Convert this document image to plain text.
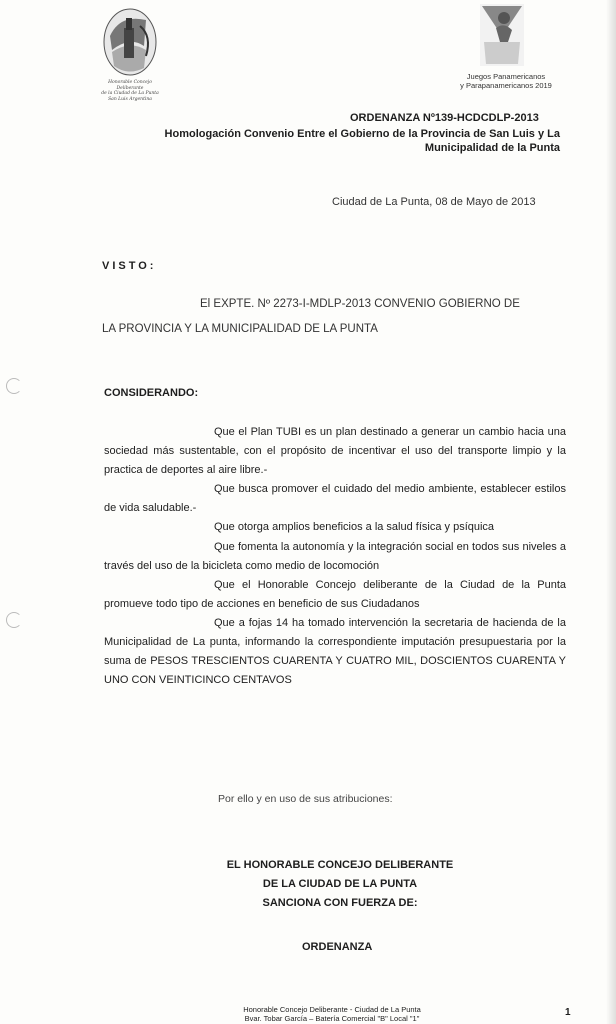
Honorable Concejo Deliberante
de la Ciudad de La Punta
San Luis Argentina
Juegos Panamericanos
y Parapanamericanos 2019
ORDENANZA Nº139-HCDCDLP-2013
Homologación Convenio Entre el Gobierno de la Provincia de San Luis y La
Municipalidad de la Punta
Ciudad de La Punta, 08 de Mayo de 2013
VISTO:
El EXPTE. Nº 2273-I-MDLP-2013 CONVENIO GOBIERNO DE
LA PROVINCIA Y LA MUNICIPALIDAD DE LA PUNTA
CONSIDERANDO:

Que el Plan TUBI es un plan destinado a generar un cambio hacia una sociedad más sustentable, con el propósito de incentivar el uso del transporte limpio y la practica de deportes al aire libre.-

Que busca promover el cuidado del medio ambiente, establecer estilos de vida saludable.-

Que otorga amplios beneficios a la salud física y psíquica

Que fomenta la autonomía y la integración social en todos sus niveles a través del uso de la bicicleta como medio de locomoción

Que el Honorable Concejo deliberante de la Ciudad de la Punta promueve todo tipo de acciones en beneficio de sus Ciudadanos

Que a fojas 14 ha tomado intervención la secretaria de hacienda de la Municipalidad de La punta, informando la correspondiente imputación presupuestaria por la suma de PESOS TRESCIENTOS CUARENTA Y CUATRO MIL, DOSCIENTOS CUARENTA Y UNO CON VEINTICINCO CENTAVOS

Por ello y en uso de sus atribuciones:
EL HONORABLE CONCEJO DELIBERANTE
DE LA CIUDAD DE LA PUNTA
SANCIONA CON FUERZA DE:
ORDENANZA
Honorable Concejo Deliberante - Ciudad de La Punta
Bvar. Tobar García – Batería Comercial "B" Local "1"	1
